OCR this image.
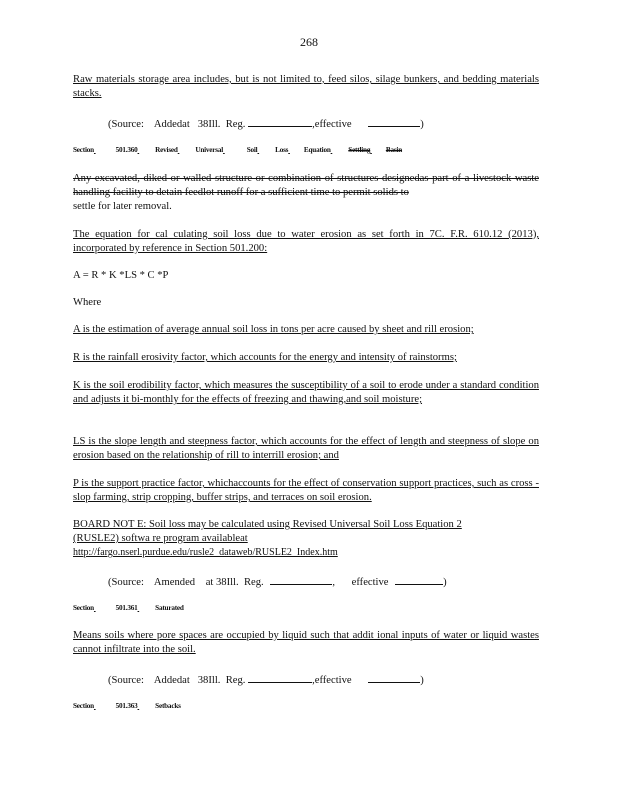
268

Raw materials storage area includes, but is not limited to, feed silos, silage bunkers, and bedding materials stacks.

(Source: Addedat 38Ill. Reg.	,effective	)
Section	501.360 Revised Universal	Soil Loss Equation Settling Basin

Any excavated, diked or walled structure or combination of structures designedas part of a livestock waste handling facility to detain feedlot runoff for a sufficient time to permit solids to

settle for later removal.

The equation for cal culating soil loss due to water erosion as set forth in 7C. F.R. 610.12 (2013), incorporated by reference in Section 501.200:

A = R * K *LS * C *P
Where

A is the estimation of average annual soil loss in tons per acre caused by sheet and rill erosion;

R is the rainfall erosivity factor, which accounts for the energy and intensity of rainstorms;

K is the soil erodibility factor, which measures the susceptibility of a soil to erode under a standard condition and adjusts it bi-monthly for the effects of freezing and thawing,and soil moisture;

LS is the slope length and steepness factor, which accounts for the effect of length and steepness of slope on erosion based on the relationship of rill to interrill erosion; and

P is the support practice factor, whichaccounts for the effect of conservation support practices, such as cross -slop farming, strip cropping, buffer strips, and terraces on soil erosion.

BOARD NOT E: Soil loss may be calculated using Revised Universal Soil Loss Equation 2
(RUSLE2) softwa re program availableat
http://fargo.nserl.purdue.edu/rusle2_dataweb/RUSLE2_Index.htm
(Source: Amended at 38Ill. Reg.	, effective	)
Section	501.361 Saturated

Means soils where pore spaces are occupied by liquid such that addit ional inputs of water or liquid wastes cannot infiltrate into the soil.

(Source: Addedat 38Ill. Reg.	,effective	)
Section	501.363 Setbacks
